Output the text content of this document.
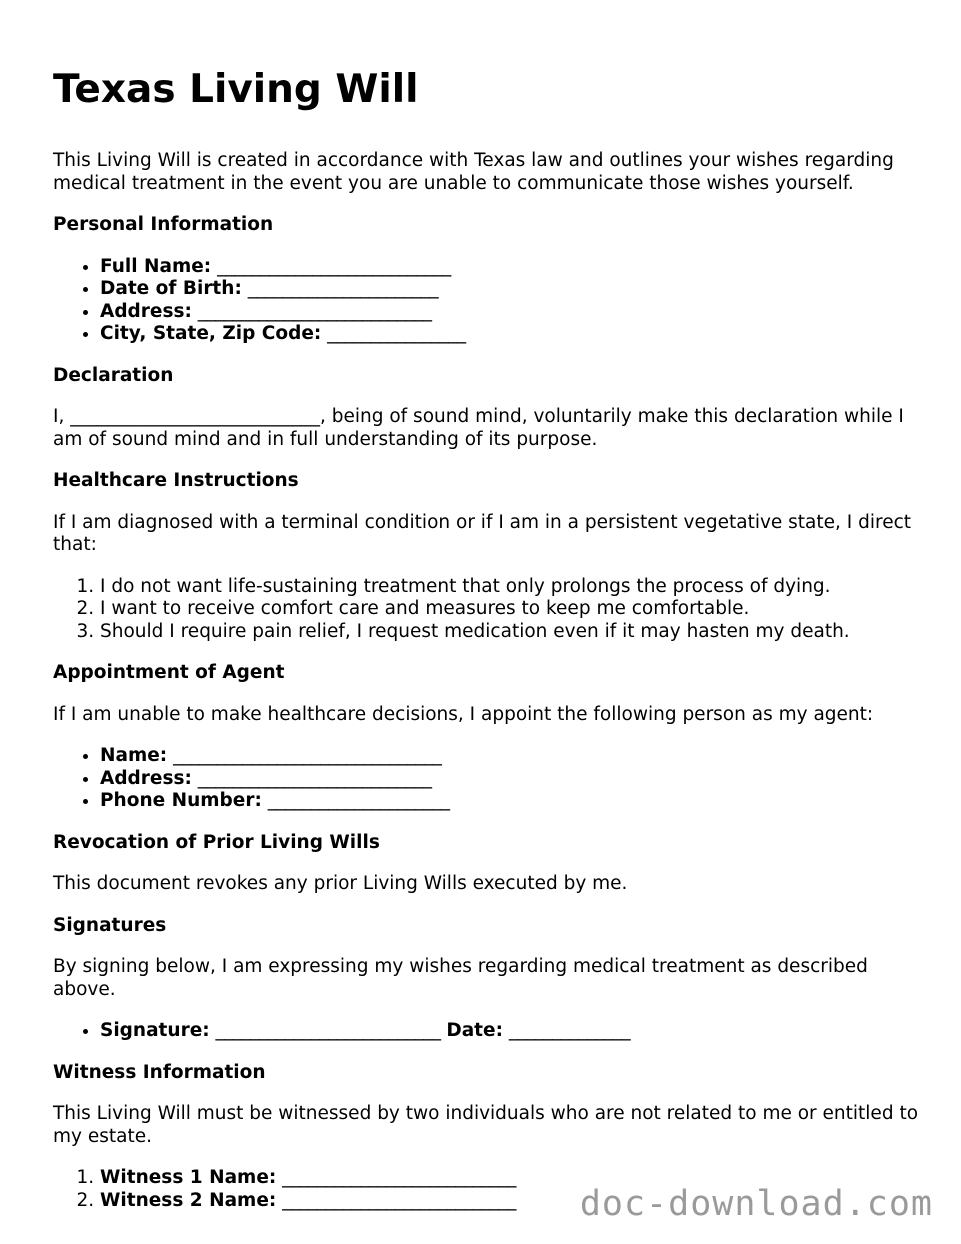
Texas Living Will

This Living Will is created in accordance with Texas law and outlines your wishes regarding medical treatment in the event you are unable to communicate those wishes yourself.

Personal Information
• Full Name: ___________________________
• Date of Birth: ______________________
• Address: ___________________________
• City, State, Zip Code: ________________
Declaration

I, ___________________________, being of sound mind, voluntarily make this declaration while I am of sound mind and in full understanding of its purpose.

Healthcare Instructions

If I am diagnosed with a terminal condition or if I am in a persistent vegetative state, I direct that:

1. I do not want life-sustaining treatment that only prolongs the process of dying.
2. I want to receive comfort care and measures to keep me comfortable.
3. Should I require pain relief, I request medication even if it may hasten my death.
Appointment of Agent

If I am unable to make healthcare decisions, I appoint the following person as my agent:

• Name: _______________________________
• Address: ___________________________
• Phone Number: _____________________
Revocation of Prior Living Wills

This document revokes any prior Living Wills executed by me.

Signatures

By signing below, I am expressing my wishes regarding medical treatment as described above.

• Signature: __________________________ Date: ______________
Witness Information

This Living Will must be witnessed by two individuals who are not related to me or entitled to my estate.

1. Witness 1 Name: ___________________________
2. Witness 2 Name: ___________________________	doc-download.com
